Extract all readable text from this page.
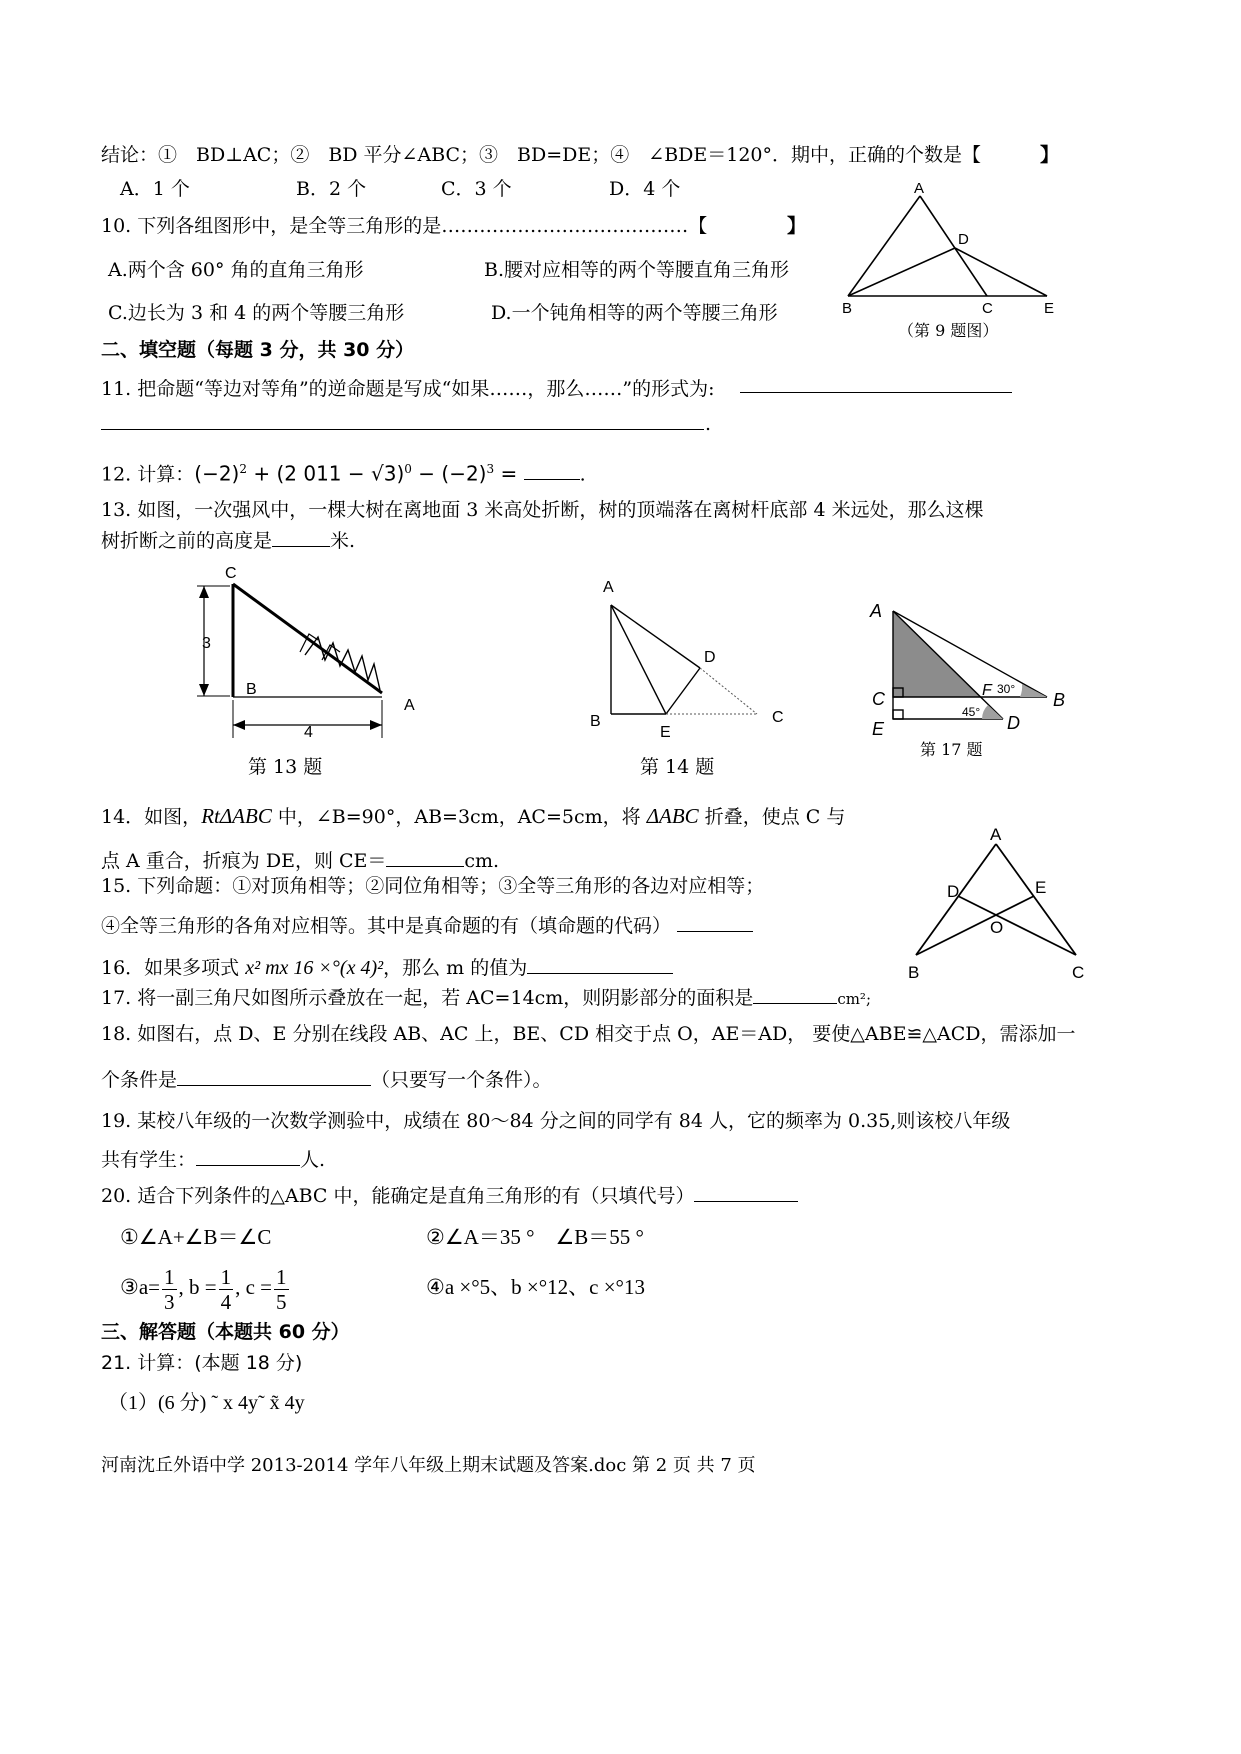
结论：①　BD⊥AC；②　BD 平分∠ABC；③　BD=DE；④　∠BDE＝120°．期中，正确的个数是【	】
A．1 个	B．2 个	C．3 个	D．4 个	A
D
B	C	E
（第 9 题图）
10. 下列各组图形中，是全等三角形的是…………………………………【	】
A.两个含 60° 角的直角三角形	B.腰对应相等的两个等腰直角三角形
C.边长为 3 和 4 的两个等腰三角形	D.一个钝角相等的两个等腰三角形
二、填空题（每题 3 分，共 30 分）
11. 把命题“等边对等角”的逆命题是写成“如果……，那么……”的形式为:
.
12. 计算：$(-2)^2 + (2$ $011 - √3)^0 - (-2)^3$ =	.
13. 如图，一次强风中，一棵大树在离地面 3 米高处折断，树的顶端落在离树杆底部 4 米远处，那么这棵
树折断之前的高度是	米.
C
3
B
A
4
第 13 题
A
D
B
E
C
第 14 题
A
C
E
F	B
D
30°
45°
第 17 题
14．如图，RtΔABC 中，∠B=90°，AB=3cm，AC=5cm，将 ΔABC 折叠，使点 C 与
点 A 重合，折痕为 DE，则 CE＝	cm.
15. 下列命题：①对顶角相等；②同位角相等；③全等三角形的各边对应相等；
④全等三角形的各角对应相等。其中是真命题的有（填命题的代码）
A
D	E
O
B	C
16．如果多项式 x² mx 16 ×°(x 4)²，那么 m 的值为
17. 将一副三角尺如图所示叠放在一起，若 AC=14cm，则阴影部分的面积是	cm²;
18. 如图右，点 D、E 分别在线段 AB、AC 上，BE、CD 相交于点 O，AE＝AD， 要使△ABE≌△ACD，需添加一
个条件是	（只要写一个条件）。
19. 某校八年级的一次数学测验中，成绩在 80～84 分之间的同学有 84 人，它的频率为 0.35,则该校八年级
共有学生：	人.
20. 适合下列条件的△ABC 中，能确定是直角三角形的有（只填代号）
①∠A+∠B＝∠C	②∠A＝35 °　∠B＝55 °
③a= $\frac{1}{3}$ , $b = \frac{1}{4}$ , $c = \frac{1}{5}$	④a ×°5、b ×°12、c ×°13
三、解答题（本题共 60 分）
21. 计算：(本题 18 分)
（1）(6 分) ˜ x 4y˜ x̃ 4y
河南沈丘外语中学 2013-2014 学年八年级上期末试题及答案.doc 第 2 页 共 7 页
